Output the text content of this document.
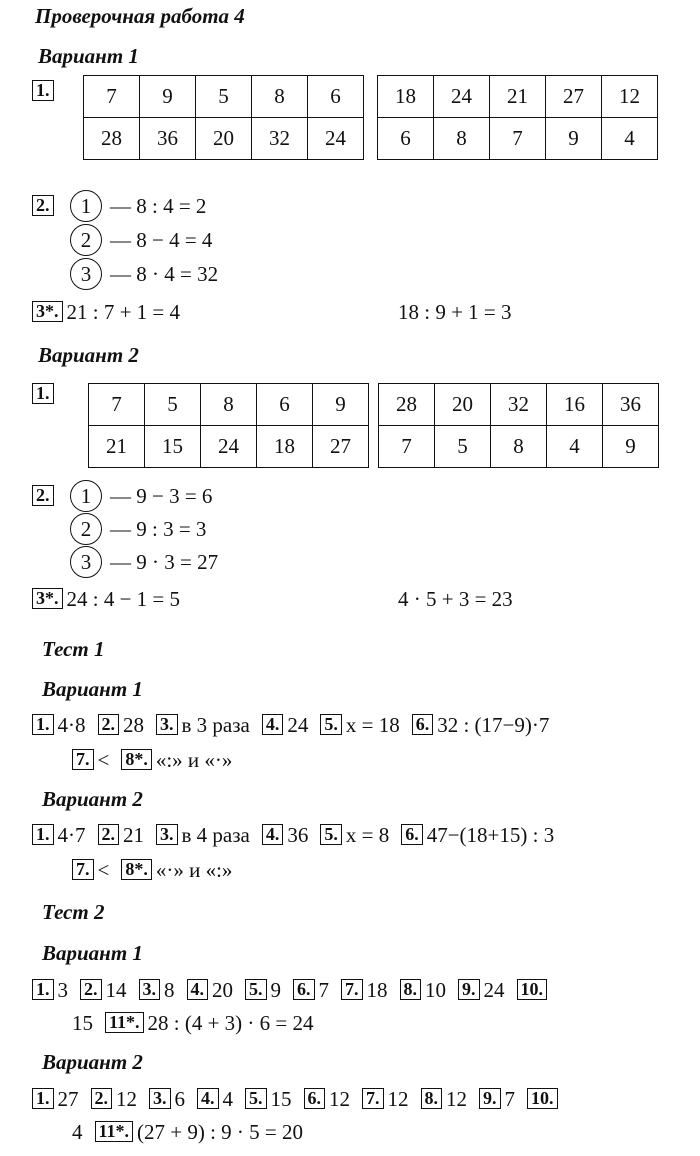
Проверочная работа 4
Вариант 1
1.	7	9	5	8	6
28	36	20	32	24
18	24	21	27	12
6	8	7	9	4
2.	1 — 8 : 4 = 2
2 — 8 − 4 = 4
3 — 8 · 4 = 32
3*. 21 : 7 + 1 = 4	18 : 9 + 1 = 3
Вариант 2
1.	7	5	8	6	9
21	15	24	18	27
28	20	32	16	36
7	5	8	4	9
2.	1 — 9 − 3 = 6
2 — 9 : 3 = 3
3 — 9 · 3 = 27
3*. 24 : 4 − 1 = 5	4 · 5 + 3 = 23
Тест 1
Вариант 1
1. 4·8 2. 28 3. в 3 раза 4. 24 5. x = 18 6. 32 : (17−9)·7
7. < 8*. «:» и «·»
Вариант 2
1. 4·7 2. 21 3. в 4 раза 4. 36 5. x = 8 6. 47−(18+15) : 3
7. < 8*. «·» и «:»
Тест 2
Вариант 1
1. 3 2. 14 3. 8 4. 20 5. 9 6. 7 7. 18 8. 10 9. 24 10.
15 11*. 28 : (4 + 3) · 6 = 24
Вариант 2
1. 27 2. 12 3. 6 4. 4 5. 15 6. 12 7. 12 8. 12 9. 7 10.
4 11*. (27 + 9) : 9 · 5 = 20
